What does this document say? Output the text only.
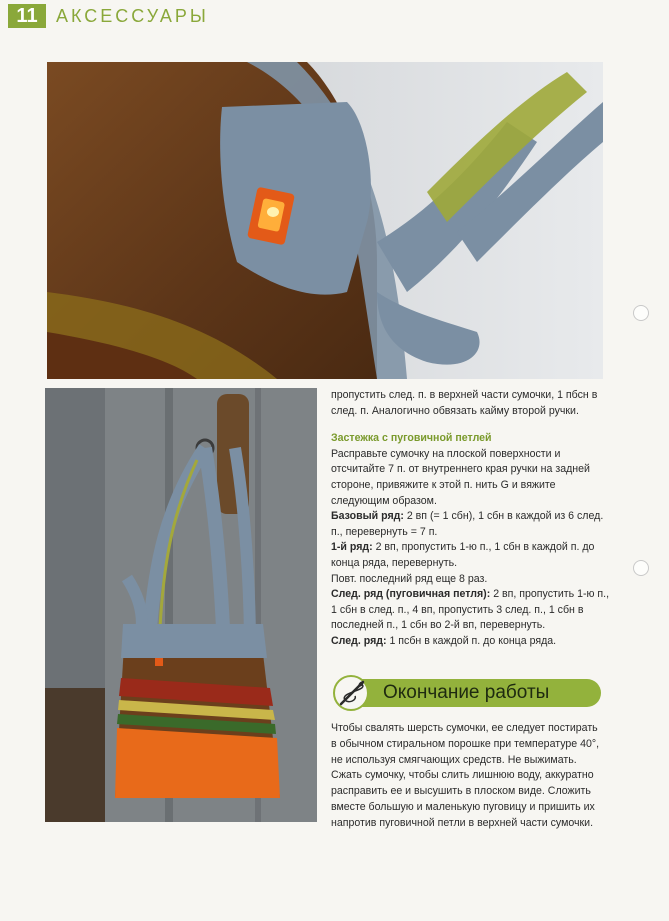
11	АКСЕССУАРЫ

пропустить след. п. в верхней части сумочки, 1 пбсн в след. п. Аналогично обвязать кайму второй ручки.

Застежка с пуговичной петлей

Расправьте сумочку на плоской поверхности и отсчитайте 7 п. от внутреннего края ручки на задней стороне, привяжите к этой п. нить G и вяжите следующим образом.

Базовый ряд: 2 вп (= 1 сбн), 1 сбн в каждой из 6 след. п., перевернуть = 7 п.

1-й ряд: 2 вп, пропустить 1-ю п., 1 сбн в каждой п. до конца ряда, перевернуть.

Повт. последний ряд еще 8 раз.

След. ряд (пуговичная петля): 2 вп, пропустить 1-ю п., 1 сбн в след. п., 4 вп, пропустить 3 след. п., 1 сбн в последней п., 1 сбн во 2-й вп, перевернуть.

След. ряд: 1 пcбн в каждой п. до конца ряда.

Окончание работы
Чтобы свалять шерсть сумочки, ее следует постирать в обычном стиральном порошке при температуре 40°, не используя смягчающих средств. Не выжимать. Сжать сумочку, чтобы слить лишнюю воду, аккуратно расправить ее и высушить в плоском виде. Сложить вместе большую и маленькую пуговицу и пришить их напротив пуговичной петли в верхней части сумочки.
